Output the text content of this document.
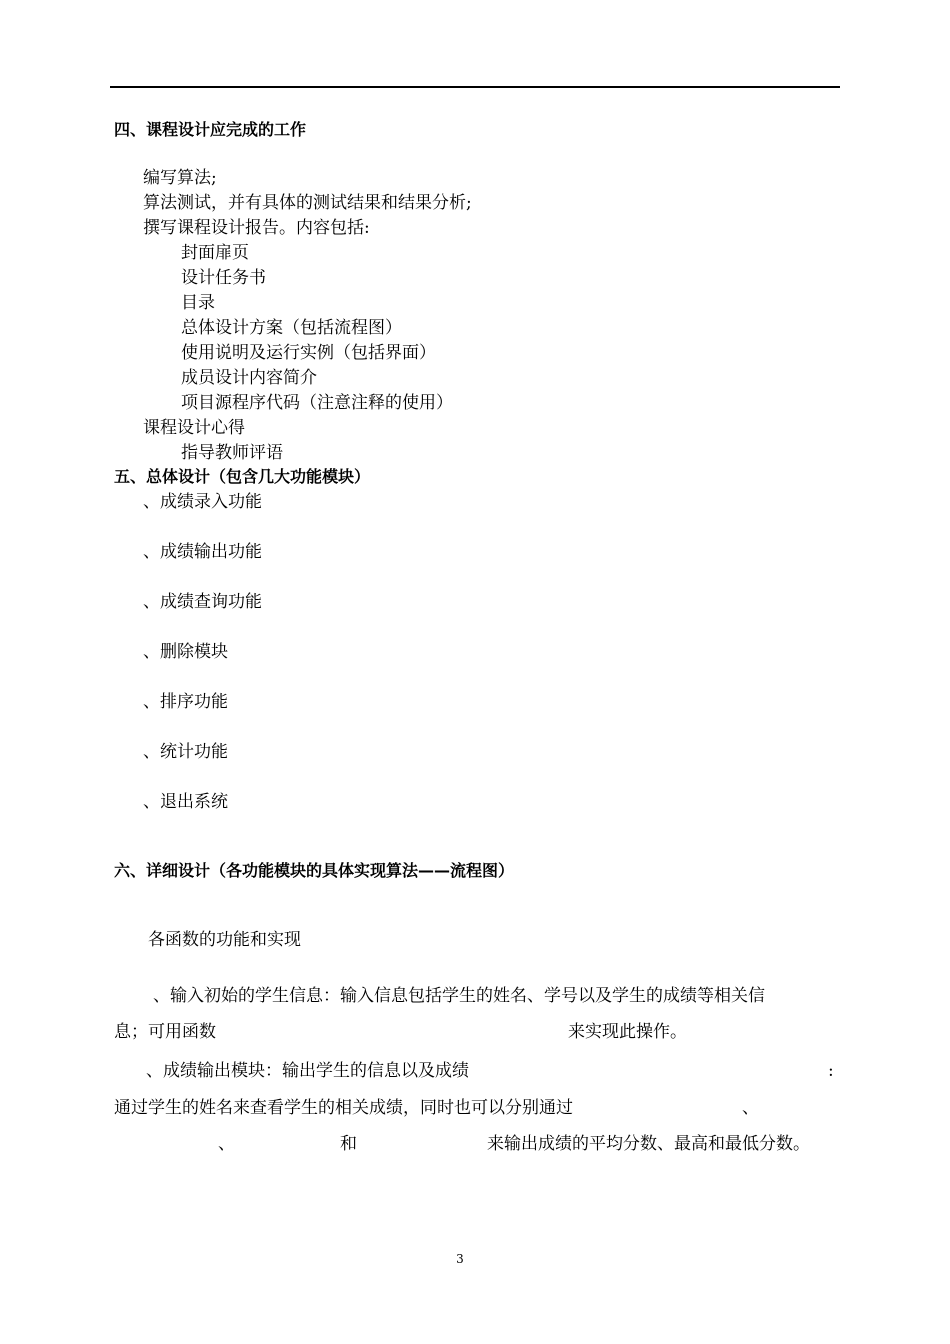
四、课程设计应完成的工作
编写算法;
算法测试，并有具体的测试结果和结果分析;
撰写课程设计报告。内容包括:
封面扉页
设计任务书
目录
总体设计方案（包括流程图）
使用说明及运行实例（包括界面）
成员设计内容简介
项目源程序代码（注意注释的使用）
课程设计心得
指导教师评语
五、总体设计（包含几大功能模块）
、成绩录入功能
、成绩输出功能
、成绩查询功能
、删除模块
、排序功能
、统计功能
、退出系统
六、详细设计（各功能模块的具体实现算法——流程图）
各函数的功能和实现
、输入初始的学生信息：输入信息包括学生的姓名、学号以及学生的成绩等相关信
息；可用函数	来实现此操作。
、成绩输出模块：输出学生的信息以及成绩	:
通过学生的姓名来查看学生的相关成绩，同时也可以分别通过	、
、	和	来输出成绩的平均分数、最高和最低分数。
3
